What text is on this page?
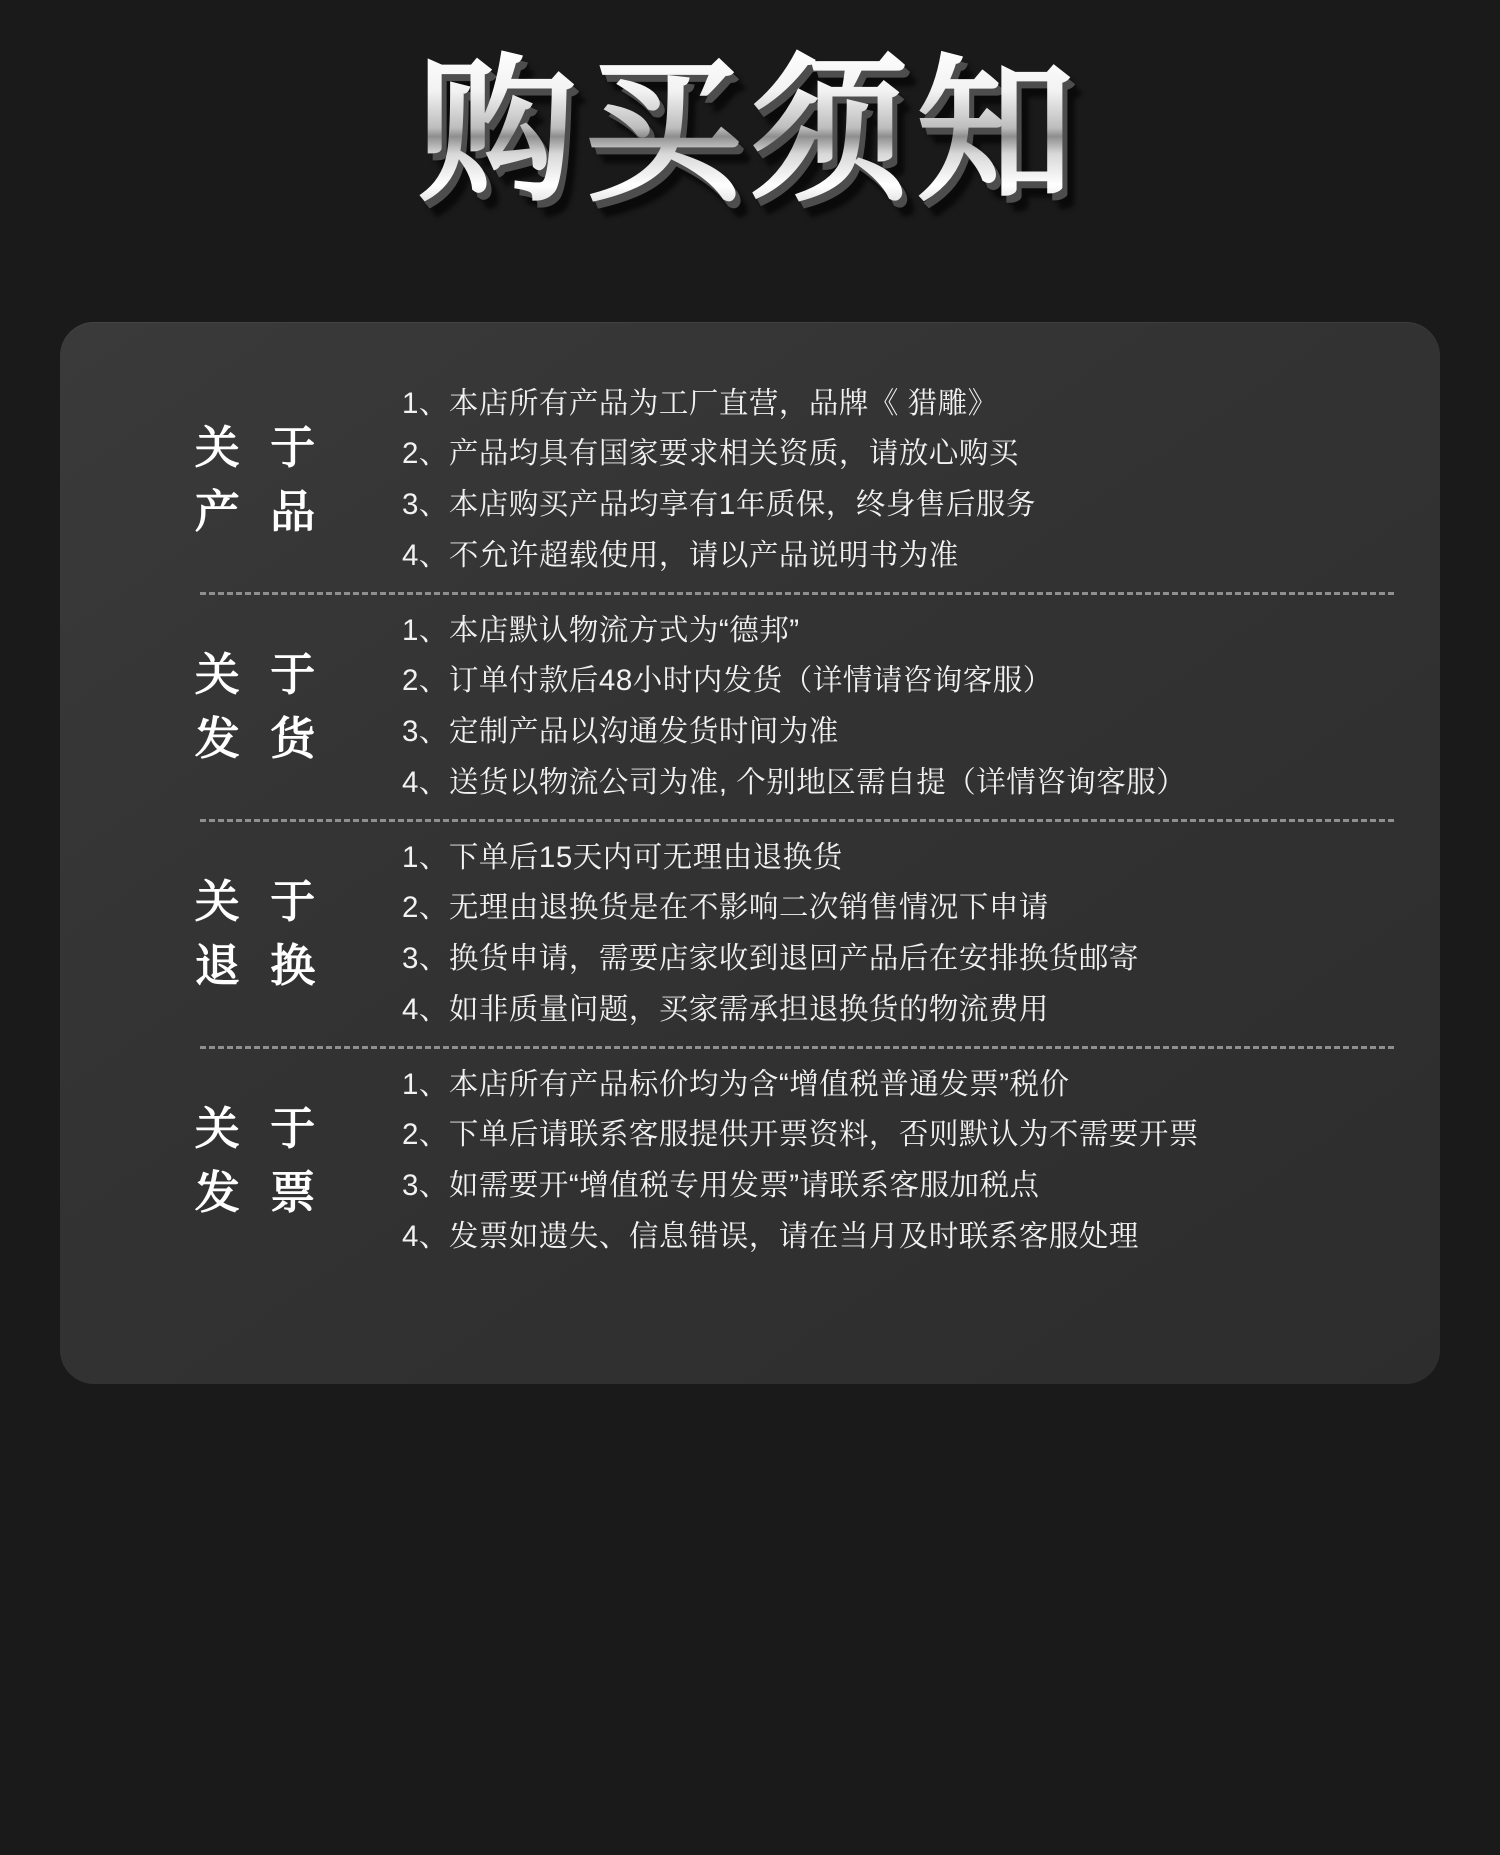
购买须知
关 于
产 品
1、本店所有产品为工厂直营，品牌《 猎雕》
2、产品均具有国家要求相关资质，请放心购买
3、本店购买产品均享有1年质保，终身售后服务
4、不允许超载使用，请以产品说明书为准
关 于
发 货
1、本店默认物流方式为“德邦”
2、订单付款后48小时内发货（详情请咨询客服）
3、定制产品以沟通发货时间为准
4、送货以物流公司为准, 个别地区需自提（详情咨询客服）
关 于
退 换
1、下单后15天内可无理由退换货
2、无理由退换货是在不影响二次销售情况下申请
3、换货申请，需要店家收到退回产品后在安排换货邮寄
4、如非质量问题，买家需承担退换货的物流费用
关 于
发 票
1、本店所有产品标价均为含“增值税普通发票”税价
2、下单后请联系客服提供开票资料，否则默认为不需要开票
3、如需要开“增值税专用发票”请联系客服加税点
4、发票如遗失、信息错误，请在当月及时联系客服处理
